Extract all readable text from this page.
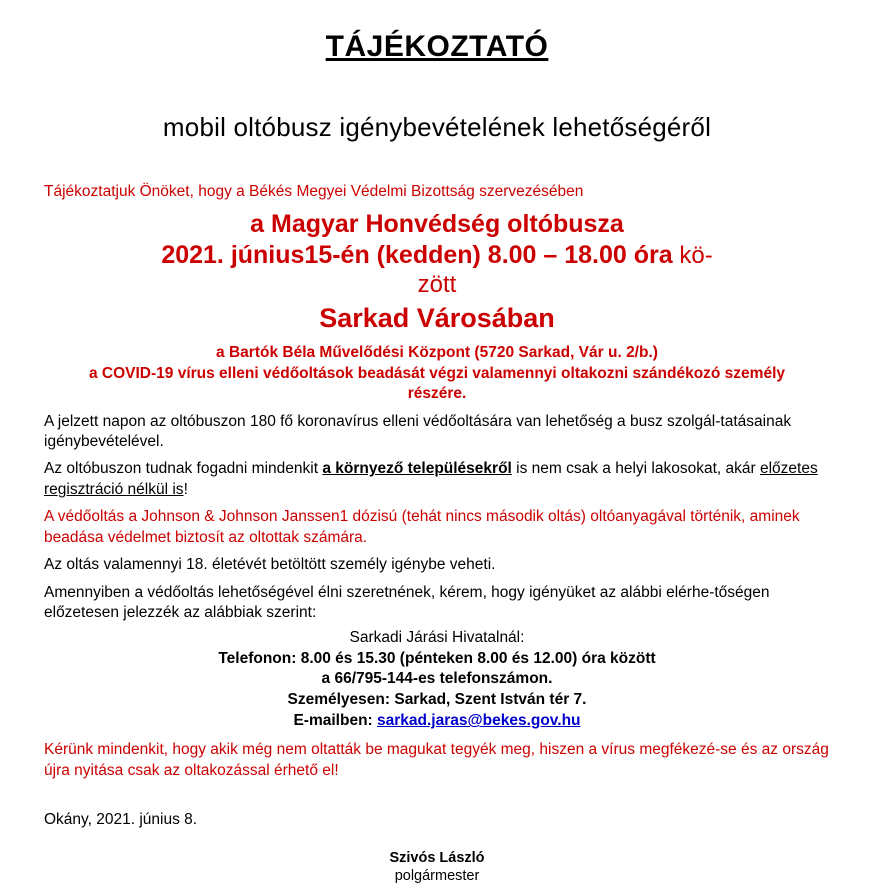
TÁJÉKOZTATÓ
mobil oltóbusz igénybevételének lehetőségéről
Tájékoztatjuk Önöket, hogy a Békés Megyei Védelmi Bizottság szervezésében
a Magyar Honvédség oltóbusza
2021. június15-én (kedden) 8.00 – 18.00 óra kö-
zött
Sarkad Városában
a Bartók Béla Művelődési Központ (5720 Sarkad, Vár u. 2/b.)
a COVID-19 vírus elleni védőoltások beadását végzi valamennyi oltakozni szándékozó személy
részére.
A jelzett napon az oltóbuszon 180 fő koronavírus elleni védőoltására van lehetőség a busz szolgál-tatásainak igénybevételével.
Az oltóbuszon tudnak fogadni mindenkit a környező településekről is nem csak a helyi lakosokat, akár előzetes regisztráció nélkül is!
A védőoltás a Johnson & Johnson Janssen1 dózisú (tehát nincs második oltás) oltóanyagával történik, aminek beadása védelmet biztosít az oltottak számára.
Az oltás valamennyi 18. életévét betöltött személy igénybe veheti.
Amennyiben a védőoltás lehetőségével élni szeretnének, kérem, hogy igényüket az alábbi elérhe-tőségen előzetesen jelezzék az alábbiak szerint:
Sarkadi Járási Hivatalnál:
Telefonon: 8.00 és 15.30 (pénteken 8.00 és 12.00) óra között
a 66/795-144-es telefonszámon.
Személyesen: Sarkad, Szent István tér 7.
E-mailben: sarkad.jaras@bekes.gov.hu
Kérünk mindenkit, hogy akik még nem oltatták be magukat tegyék meg, hiszen a vírus megfékezé-se és az ország újra nyitása csak az oltakozással érhető el!
Okány, 2021. június 8.
Szivós László
polgármester
